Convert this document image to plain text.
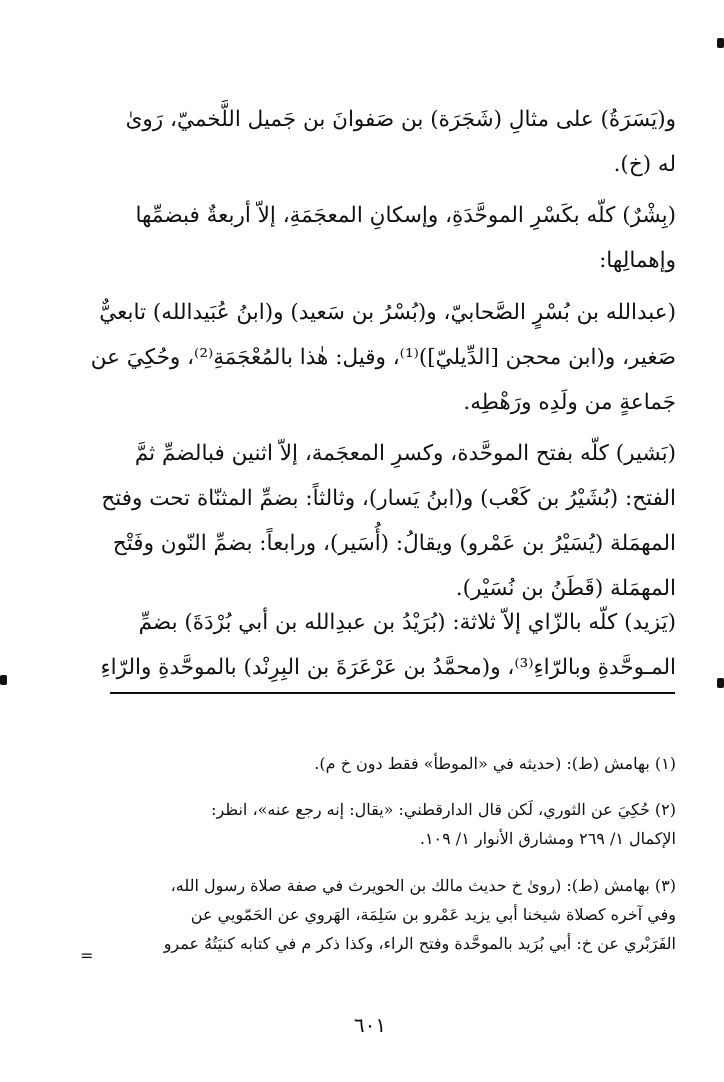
و(يَسَرَةُ) على مثالِ (شَجَرَة) بن صَفوانَ بن جَميل اللَّخميّ، رَوىٰ
له (خ).
(بِشْرٌ) كلّه بكَسْرِ الموحَّدَةِ، وإسكانِ المعجَمَةِ، إلاّ أربعةٌ فبضمِّها
وإهمالِها:
(عبدالله بن بُسْرٍ الصَّحابيّ، و(بُسْرُ بن سَعيد) و(ابنُ عُبَيدالله) تابعيٌّ
صَغير، و(ابن محجن [الدِّيليّ])⁽¹⁾، وقيل: هٰذا بالمُعْجَمَةِ⁽²⁾، وحُكِيَ عن
جَماعةٍ من ولَدِه ورَهْطِه.
(بَشير) كلّه بفتح الموحَّدة، وكسرِ المعجَمة، إلاّ اثنين فبالضمِّ ثمَّ
الفتح: (بُشَيْرُ بن كَعْب) و(ابنُ يَسار)، وثالثاً: بضمِّ المثنّاة تحت وفتح
المهمَلة (يُسَيْرُ بن عَمْرو) ويقالُ: (أُسَير)، ورابعاً: بضمِّ النّون وفَتْح
المهمَلة (قَطَنُ بن نُسَيْر).
(يَزيد) كلّه بالزّاي إلاّ ثلاثة: (بُرَيْدُ بن عبدِالله بن أبي بُرْدَةَ) بضمِّ
المـوحَّدةِ وبالرّاءِ⁽³⁾، و(محمَّدُ بن عَرْعَرَةَ بن البِرِنْد) بالموحَّدةِ والرّاءِ
(١) بهامش (ط): (حديثه في «الموطأ» فقط دون خ م).
(٢) حُكِيَ عن الثوري، لَكن قال الدارقطني: «يقال: إنه رجع عنه»، انظر:
الإكمال ١/ ٢٦٩ ومشارق الأنوار ١/ ١٠٩.
(٣) بهامش (ط): (روىٰ خ حديث مالك بن الحويرث في صفة صلاة رسول الله،
وفي آخره كصلاة شيخنا أبي يزيد عَمْرو بن سَلِمَة، الهَروي عن الحَمّويي عن
الفَرَبْري عن خ: أبي بُرَيد بالموحَّدة وفتح الراء، وكذا ذكر م في كتابه كنيَتُهُ عمرو
=
٦٠١
